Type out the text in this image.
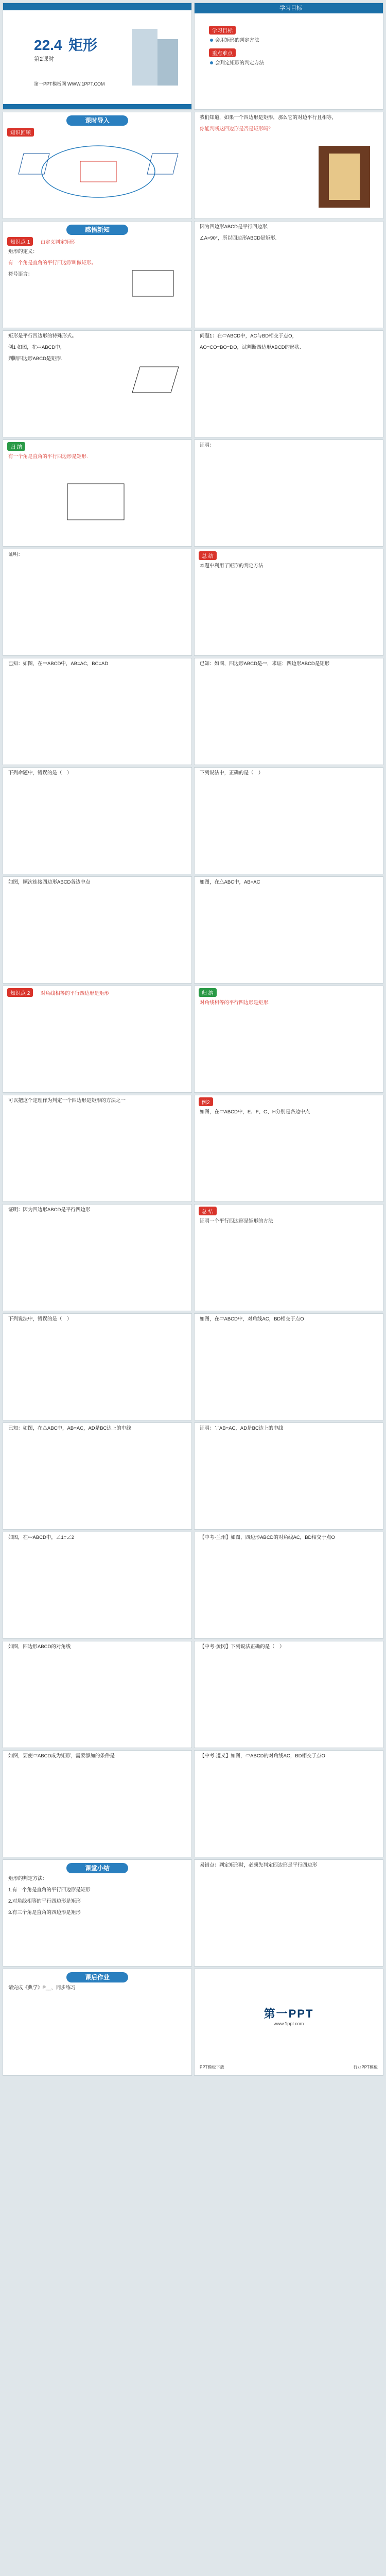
22.4 矩形
第2课时
第一PPT模板网 WWW.1PPT.COM
学习目标
学习目标
会用矩形的判定方法
重点难点
会判定矩形的判定方法
课时导入
知识回顾
我们知道，如果一个四边形是矩形，那么它的对边平行且相等，
你能判断这四边形是否是矩形吗？
感悟新知
知识点 1 由定义判定矩形
矩形的定义：
有一个角是直角的平行四边形叫做矩形。
符号语言：
因为四边形ABCD是平行四边形，
∠A=90°，所以四边形ABCD是矩形.
矩形是平行四边形的特殊形式。
例1 如图，在▱ABCD中，
判断四边形ABCD是矩形.
问题1：在▱ABCD中，AC与BD相交于点O，
AO=CO=BO=DO，试判断四边形ABCD的形状.
归 纳
有一个角是直角的平行四边形是矩形.
证明：
证明：	总 结
本题中利用了矩形的判定方法
已知：如图，在▱ABCD中，AB=AC，BC=AD	已知：如图，四边形ABCD是▱，求证：四边形ABCD是矩形
下列命题中，错误的是（　）	下列说法中，正确的是（　）
如图，顺次连接四边形ABCD各边中点	如图，在△ABC中，AB=AC
知识点 2 对角线相等的平行四边形是矩形	归 纳
对角线相等的平行四边形是矩形.
可以把这个定理作为判定一个四边形是矩形的方法之一	例2
如图，在▱ABCD中，E、F、G、H分别是各边中点
证明：因为四边形ABCD是平行四边形	总 结
证明一个平行四边形是矩形的方法
下列说法中，错误的是（　）	如图，在▱ABCD中，对角线AC，BD相交于点O
已知：如图，在△ABC中，AB=AC，AD是BC边上的中线	证明：∵AB=AC，AD是BC边上的中线
如图，在▱ABCD中，∠1=∠2	【中考·兰州】如图，四边形ABCD的对角线AC，BD相交于点O
如图，四边形ABCD的对角线	【中考·黄冈】下列说法正确的是（　）
如图，要使▱ABCD成为矩形，需要添加的条件是	【中考·遵义】如图，▱ABCD的对角线AC，BD相交于点O
课堂小结
矩形的判定方法：
1.有一个角是直角的平行四边形是矩形
2.对角线相等的平行四边形是矩形
3.有三个角是直角的四边形是矩形
易错点：判定矩形时，必须先判定四边形是平行四边形
课后作业
请完成《典学》P__，同步练习
第一PPT
www.1ppt.com
PPT模板下载	行业PPT模板
